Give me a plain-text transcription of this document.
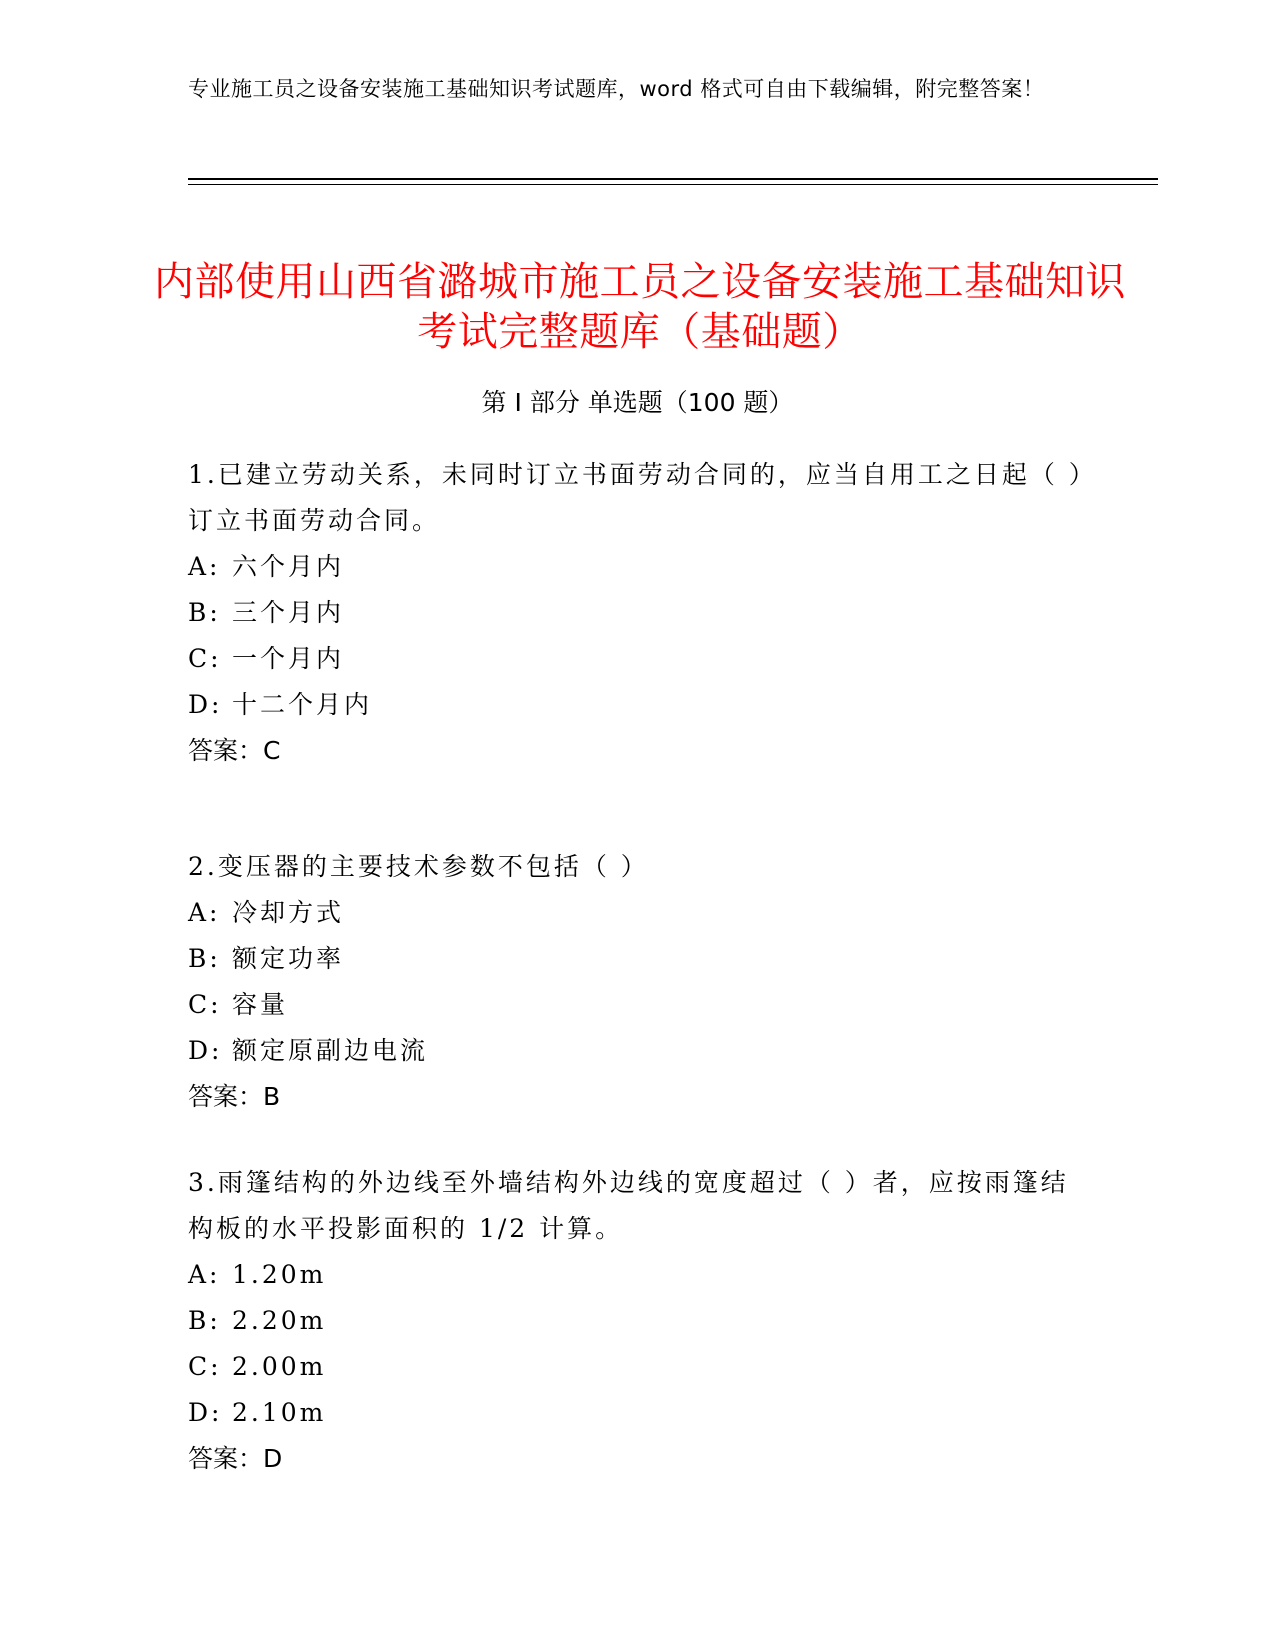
专业施工员之设备安装施工基础知识考试题库，word 格式可自由下载编辑，附完整答案！
内部使用山西省潞城市施工员之设备安装施工基础知识考试完整题库（基础题）
第 I 部分 单选题（100 题）

1.已建立劳动关系，未同时订立书面劳动合同的，应当自用工之日起（ ）订立书面劳动合同。

A: 六个月内

B: 三个月内

C: 一个月内

D: 十二个月内

答案：C

2.变压器的主要技术参数不包括（ ）

A: 冷却方式

B: 额定功率

C: 容量

D: 额定原副边电流

答案：B

3.雨篷结构的外边线至外墙结构外边线的宽度超过（ ）者，应按雨篷结构板的水平投影面积的 1/2 计算。

A: 1.20m

B: 2.20m

C: 2.00m

D: 2.10m

答案：D
